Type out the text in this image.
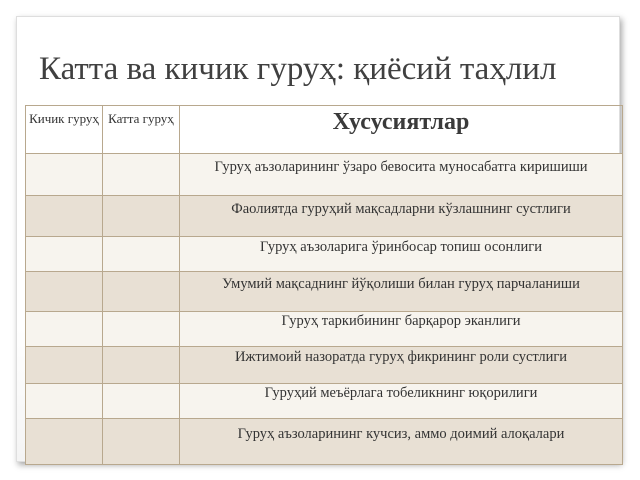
Катта ва кичик гуруҳ: қиёсий таҳлил
Кичик гуруҳ	Катта гуруҳ	Хусусиятлар
		Гуруҳ аъзоларининг ўзаро бевосита муносабатга киришиши
		Фаолиятда гуруҳий мақсадларни кўзлашнинг сустлиги
		Гуруҳ аъзоларига ўринбосар топиш осонлиги
		Умумий мақсаднинг йўқолиши билан гуруҳ парчаланиши
		Гуруҳ таркибининг барқарор эканлиги
		Ижтимоий назоратда гуруҳ фикрининг роли сустлиги
		Гуруҳий меъёрлага тобеликнинг юқорилиги
		Гуруҳ аъзоларининг кучсиз, аммо доимий алоқалари
